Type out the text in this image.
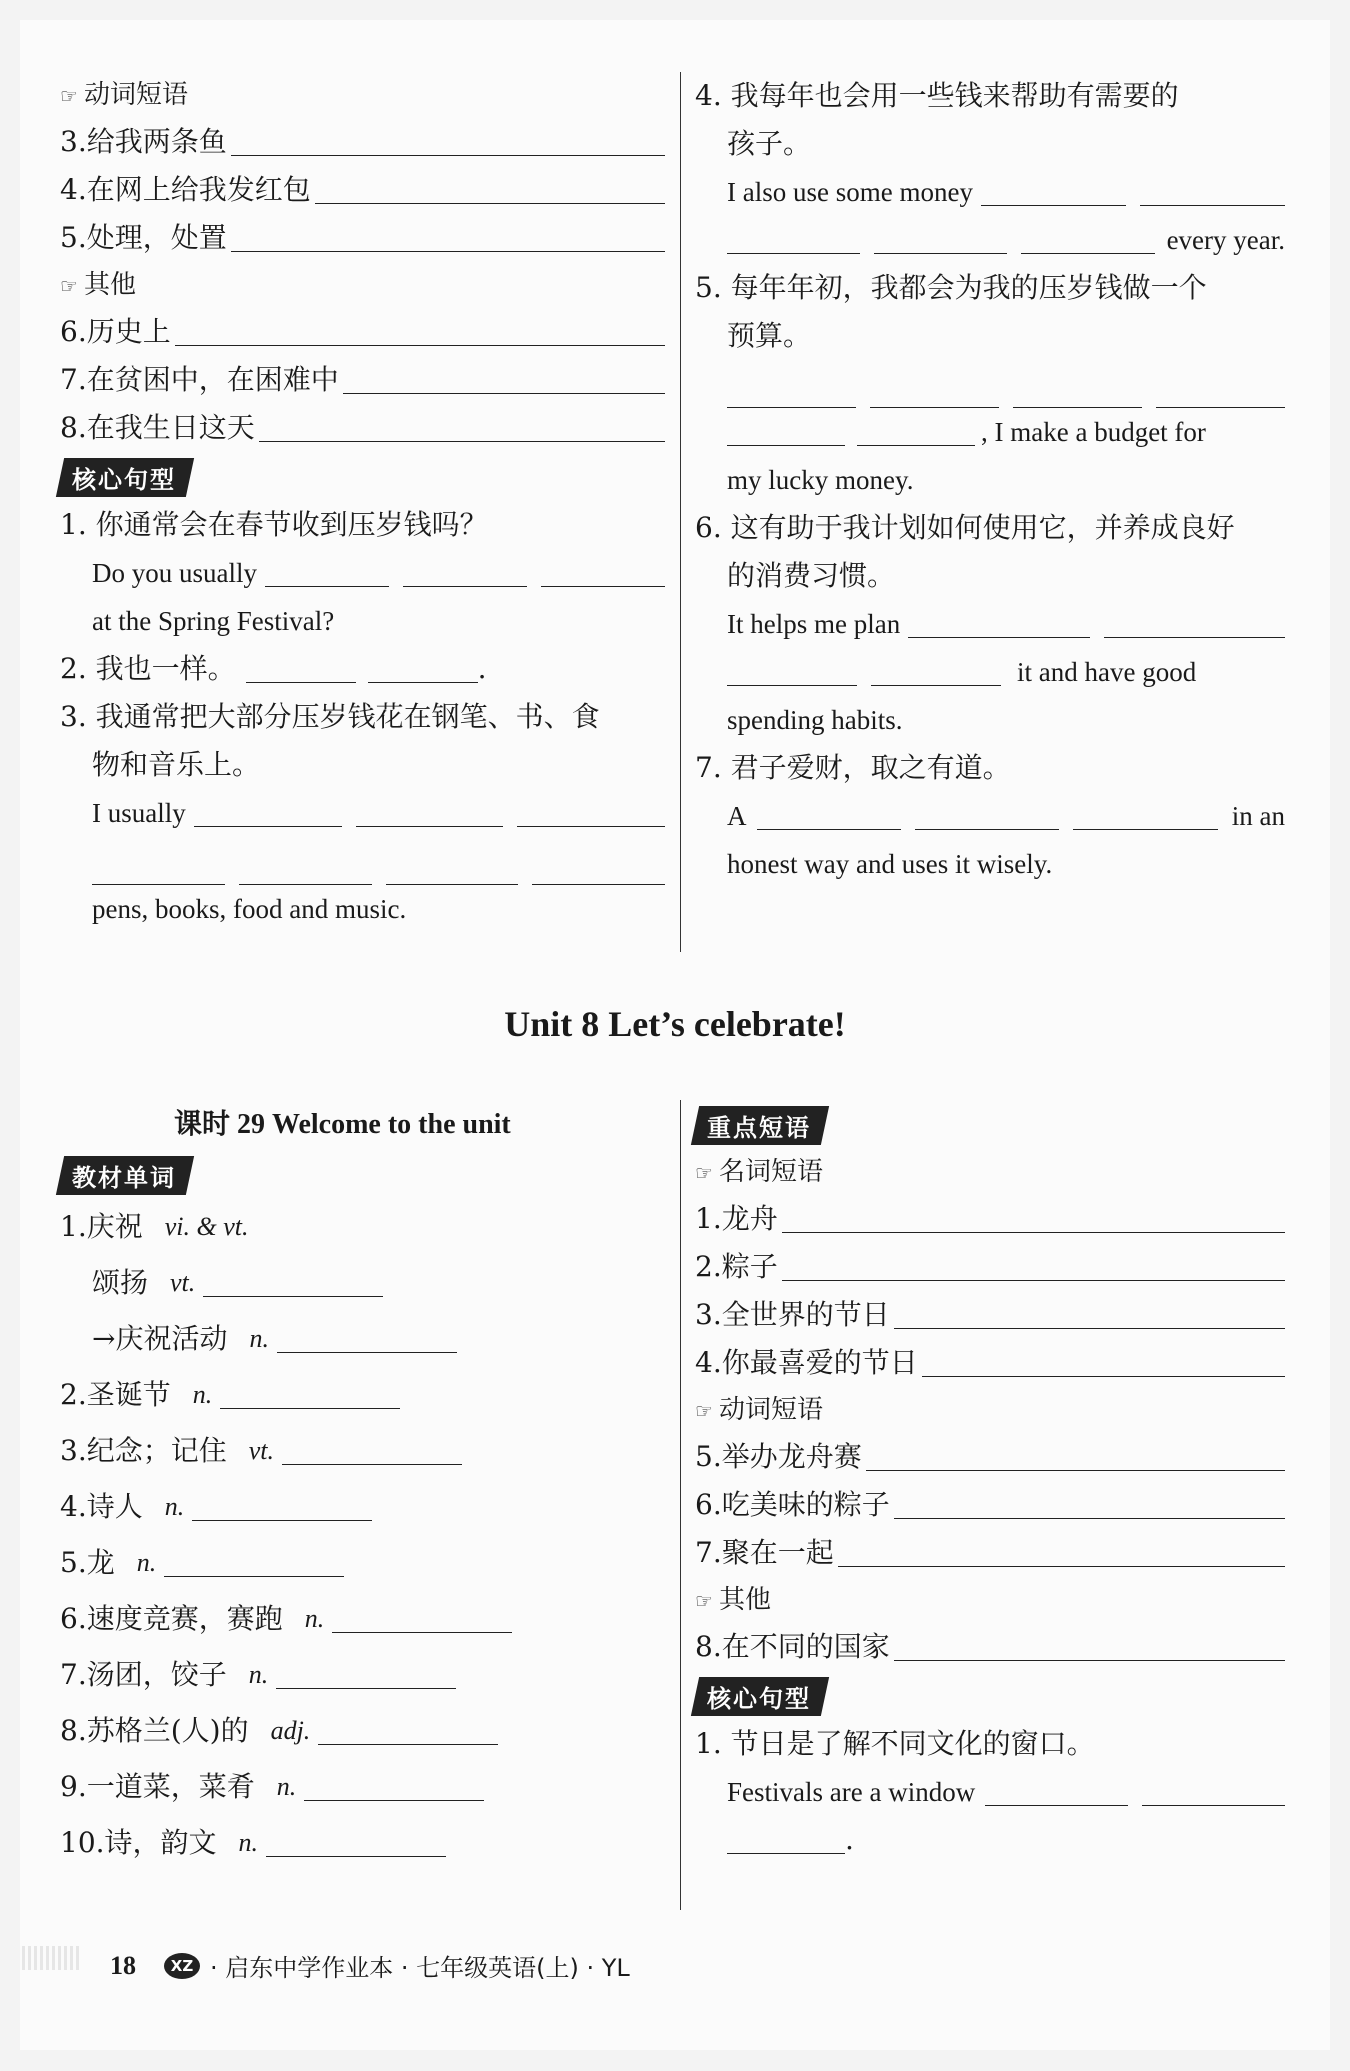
☞ 动词短语
3. 给我两条鱼
4. 在网上给我发红包
5. 处理，处置
☞ 其他
6. 历史上
7. 在贫困中，在困难中
8. 在我生日这天
核心句型
1. 你通常会在春节收到压岁钱吗？
Do you usually
at the Spring Festival?
2. 我也一样。	.
3. 我通常把大部分压岁钱花在钢笔、书、食
物和音乐上。
I usually
pens, books, food and music.
4. 我每年也会用一些钱来帮助有需要的
孩子。
I also use some money
every year.
5. 每年年初，我都会为我的压岁钱做一个
预算。
, I make a budget for
my lucky money.
6. 这有助于我计划如何使用它，并养成良好
的消费习惯。
It helps me plan
it and have good
spending habits.
7. 君子爱财，取之有道。
A	in an
honest way and uses it wisely.
Unit 8 Let’s celebrate!
课时 29 Welcome to the unit
教材单词
1. 庆祝 vi. & vt.
颂扬 vt.
→庆祝活动 n.
2. 圣诞节 n.
3. 纪念；记住 vt.
4. 诗人 n.
5. 龙 n.
6. 速度竞赛，赛跑 n.
7. 汤团，饺子 n.
8. 苏格兰(人)的 adj.
9. 一道菜，菜肴 n.
10. 诗，韵文 n.
重点短语
☞ 名词短语
1. 龙舟
2. 粽子
3. 全世界的节日
4. 你最喜爱的节日
☞ 动词短语
5. 举办龙舟赛
6. 吃美味的粽子
7. 聚在一起
☞ 其他
8. 在不同的国家
核心句型
1. 节日是了解不同文化的窗口。
Festivals are a window
.
18	XZ · 启东中学作业本 · 七年级英语(上) · YL
